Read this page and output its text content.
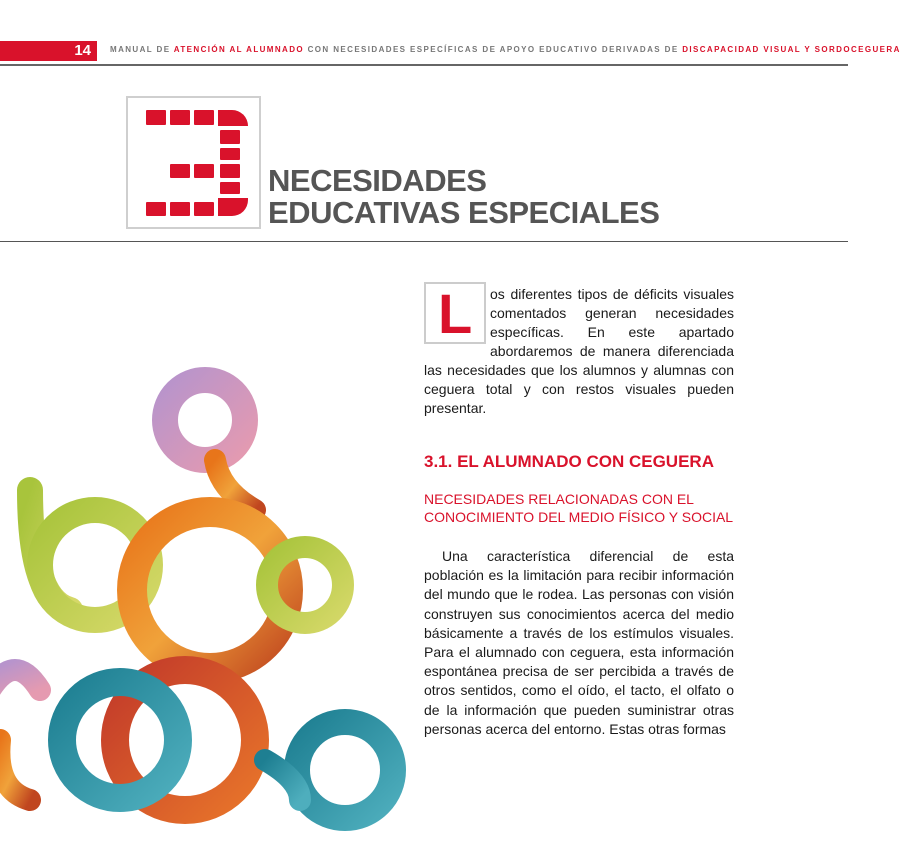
14 MANUAL DE ATENCIÓN AL ALUMNADO CON NECESIDADES ESPECÍFICAS DE APOYO EDUCATIVO DERIVADAS DE DISCAPACIDAD VISUAL Y SORDOCEGUERA
NECESIDADES
EDUCATIVAS ESPECIALES
os diferentes tipos de déficits visuales comentados generan necesidades específicas. En este apartado abordaremos de manera diferenciada las necesidades que los alumnos y alumnas con ceguera total y con restos visuales pueden presentar.
L
3.1. EL ALUMNADO CON CEGUERA
NECESIDADES RELACIONADAS CON EL CONOCIMIENTO DEL MEDIO FÍSICO Y SOCIAL
Una característica diferencial de esta población es la limitación para recibir información del mundo que le rodea. Las personas con visión construyen sus conocimientos acerca del medio básicamente a través de los estímulos visuales. Para el alumnado con ceguera, esta información espontánea precisa de ser percibida a través de otros sentidos, como el oído, el tacto, el olfato o de la información que pueden suministrar otras personas acerca del entorno. Estas otras formas
